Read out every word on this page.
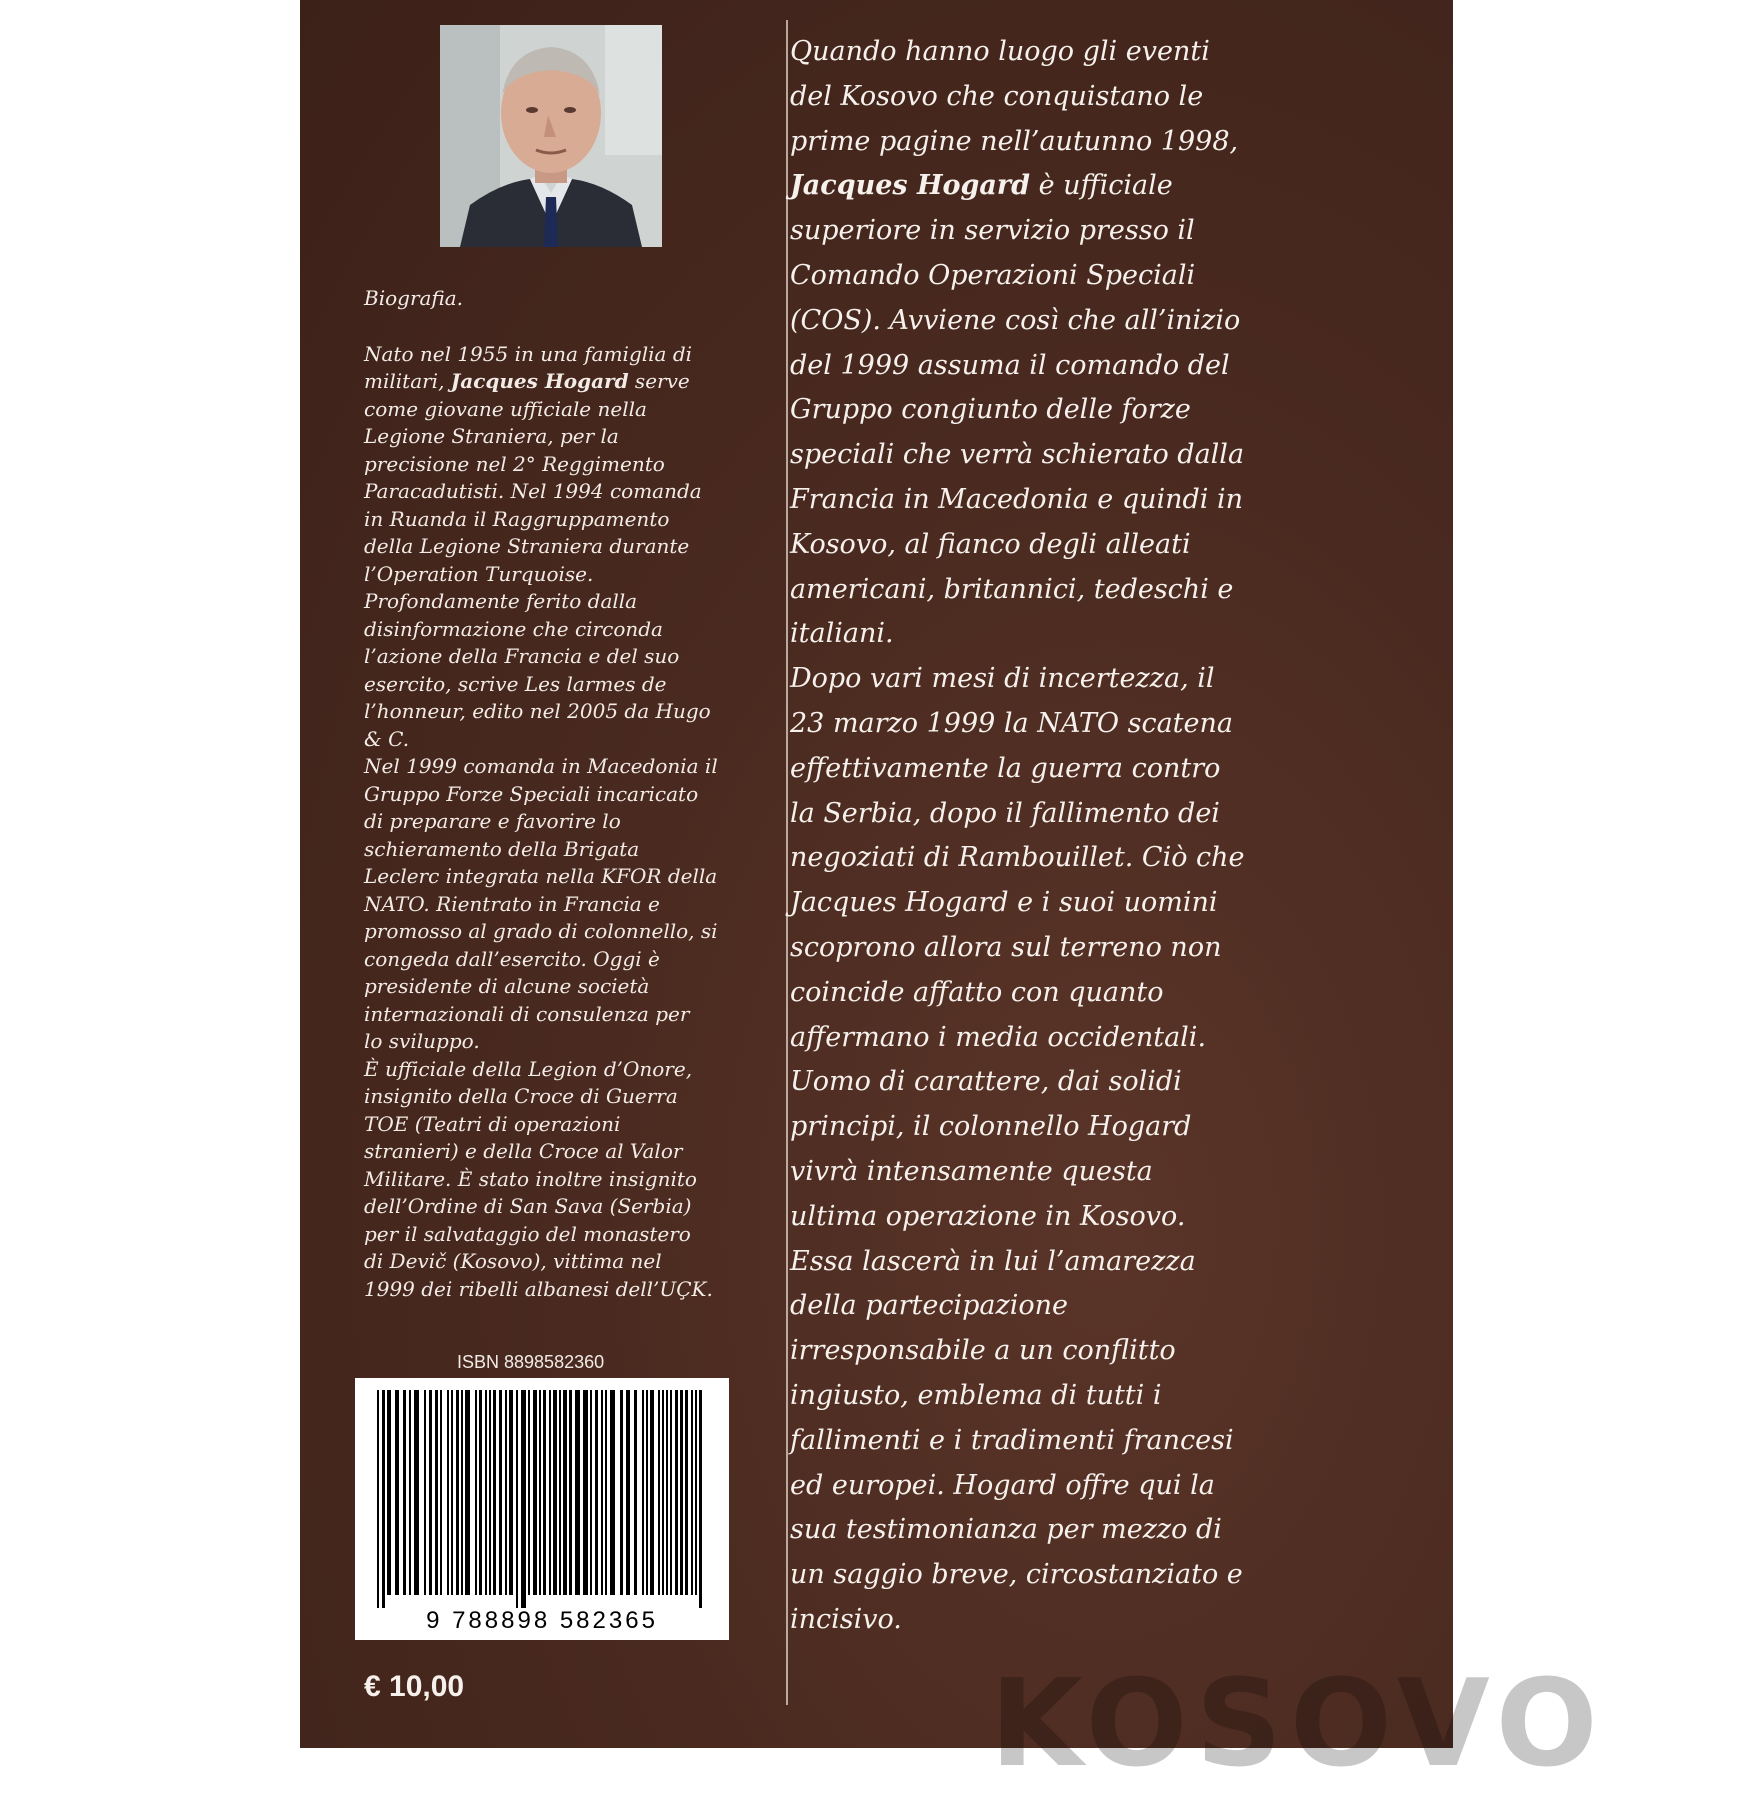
KOSOVO
Biografia.
Nato nel 1955 in una famiglia di
militari, Jacques Hogard serve
come giovane ufficiale nella
Legione Straniera, per la
precisione nel 2° Reggimento
Paracadutisti. Nel 1994 comanda
in Ruanda il Raggruppamento
della Legione Straniera durante
l’Operation Turquoise.
Profondamente ferito dalla
disinformazione che circonda
l’azione della Francia e del suo
esercito, scrive Les larmes de
l’honneur, edito nel 2005 da Hugo
& C.
Nel 1999 comanda in Macedonia il
Gruppo Forze Speciali incaricato
di preparare e favorire lo
schieramento della Brigata
Leclerc integrata nella KFOR della
NATO. Rientrato in Francia e
promosso al grado di colonnello, si
congeda dall’esercito. Oggi è
presidente di alcune società
internazionali di consulenza per
lo sviluppo.
È ufficiale della Legion d’Onore,
insignito della Croce di Guerra
TOE (Teatri di operazioni
stranieri) e della Croce al Valor
Militare. È stato inoltre insignito
dell’Ordine di San Sava (Serbia)
per il salvataggio del monastero
di Devič (Kosovo), vittima nel
1999 dei ribelli albanesi dell’UÇK.
Quando hanno luogo gli eventi
del Kosovo che conquistano le
prime pagine nell’autunno 1998,
Jacques Hogard è ufficiale
superiore in servizio presso il
Comando Operazioni Speciali
(COS). Avviene così che all’inizio
del 1999 assuma il comando del
Gruppo congiunto delle forze
speciali che verrà schierato dalla
Francia in Macedonia e quindi in
Kosovo, al fianco degli alleati
americani, britannici, tedeschi e
italiani.
Dopo vari mesi di incertezza, il
23 marzo 1999 la NATO scatena
effettivamente la guerra contro
la Serbia, dopo il fallimento dei
negoziati di Rambouillet. Ciò che
Jacques Hogard e i suoi uomini
scoprono allora sul terreno non
coincide affatto con quanto
affermano i media occidentali.
Uomo di carattere, dai solidi
principi, il colonnello Hogard
vivrà intensamente questa
ultima operazione in Kosovo.
Essa lascerà in lui l’amarezza
della partecipazione
irresponsabile a un conflitto
ingiusto, emblema di tutti i
fallimenti e i tradimenti francesi
ed europei. Hogard offre qui la
sua testimonianza per mezzo di
un saggio breve, circostanziato e
incisivo.
ISBN 8898582360
9 788898 582365
€ 10,00
